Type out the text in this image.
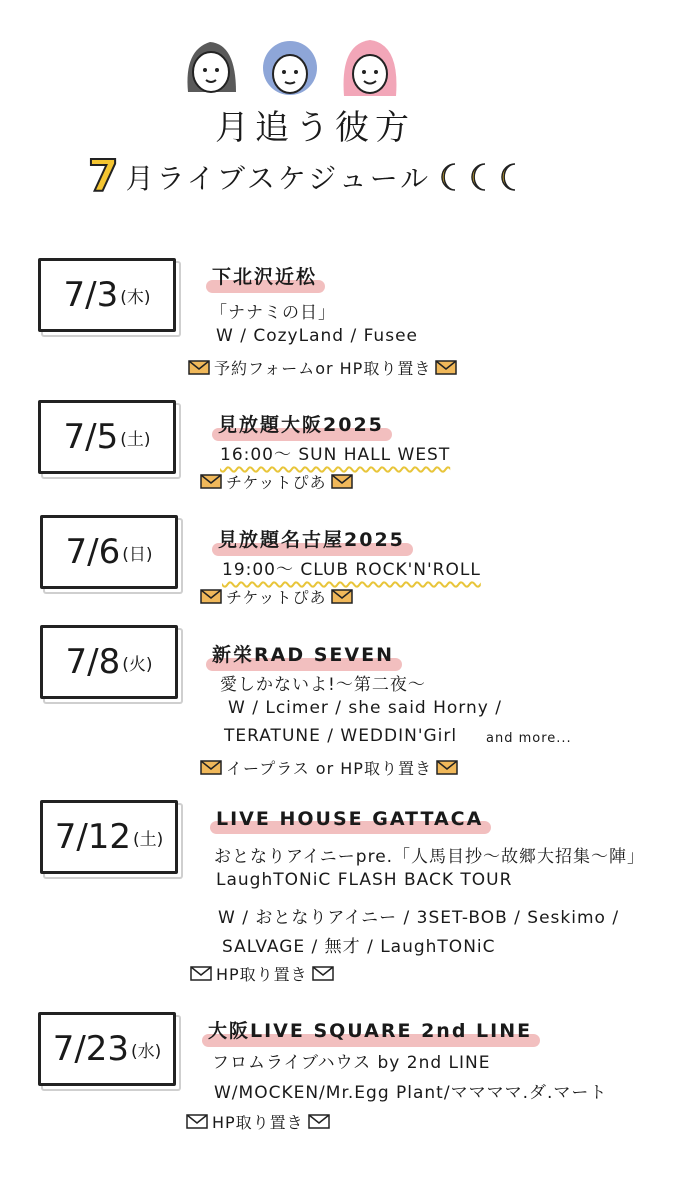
月追う彼方
7 月ライブスケジュール
7/3 (木)
下北沢近松
「ナナミの日」
W / CozyLand / Fusee
予約フォームor HP取り置き
7/5 (土)
見放題大阪2025
16:00〜 SUN HALL WEST
チケットぴあ
7/6 (日)
見放題名古屋2025
19:00〜 CLUB ROCK'N'ROLL
チケットぴあ
7/8 (火)	新栄RAD SEVEN
愛しかないよ!〜第二夜〜
W / Lcimer / she said Horny /
TERATUNE / WEDDIN'Girl and more...
イープラス or HP取り置き
7/12 (土)
LIVE HOUSE GATTACA
おとなりアイニーpre.「人馬目抄〜故郷大招集〜陣」
LaughTONiC FLASH BACK TOUR
W / おとなりアイニー / 3SET-BOB / Seskimo /
SALVAGE / 無才 / LaughTONiC
HP取り置き
7/23 (水)
大阪LIVE SQUARE 2nd LINE
フロムライブハウス by 2nd LINE
W/MOCKEN/Mr.Egg Plant/ママママ.ダ.マート
HP取り置き
